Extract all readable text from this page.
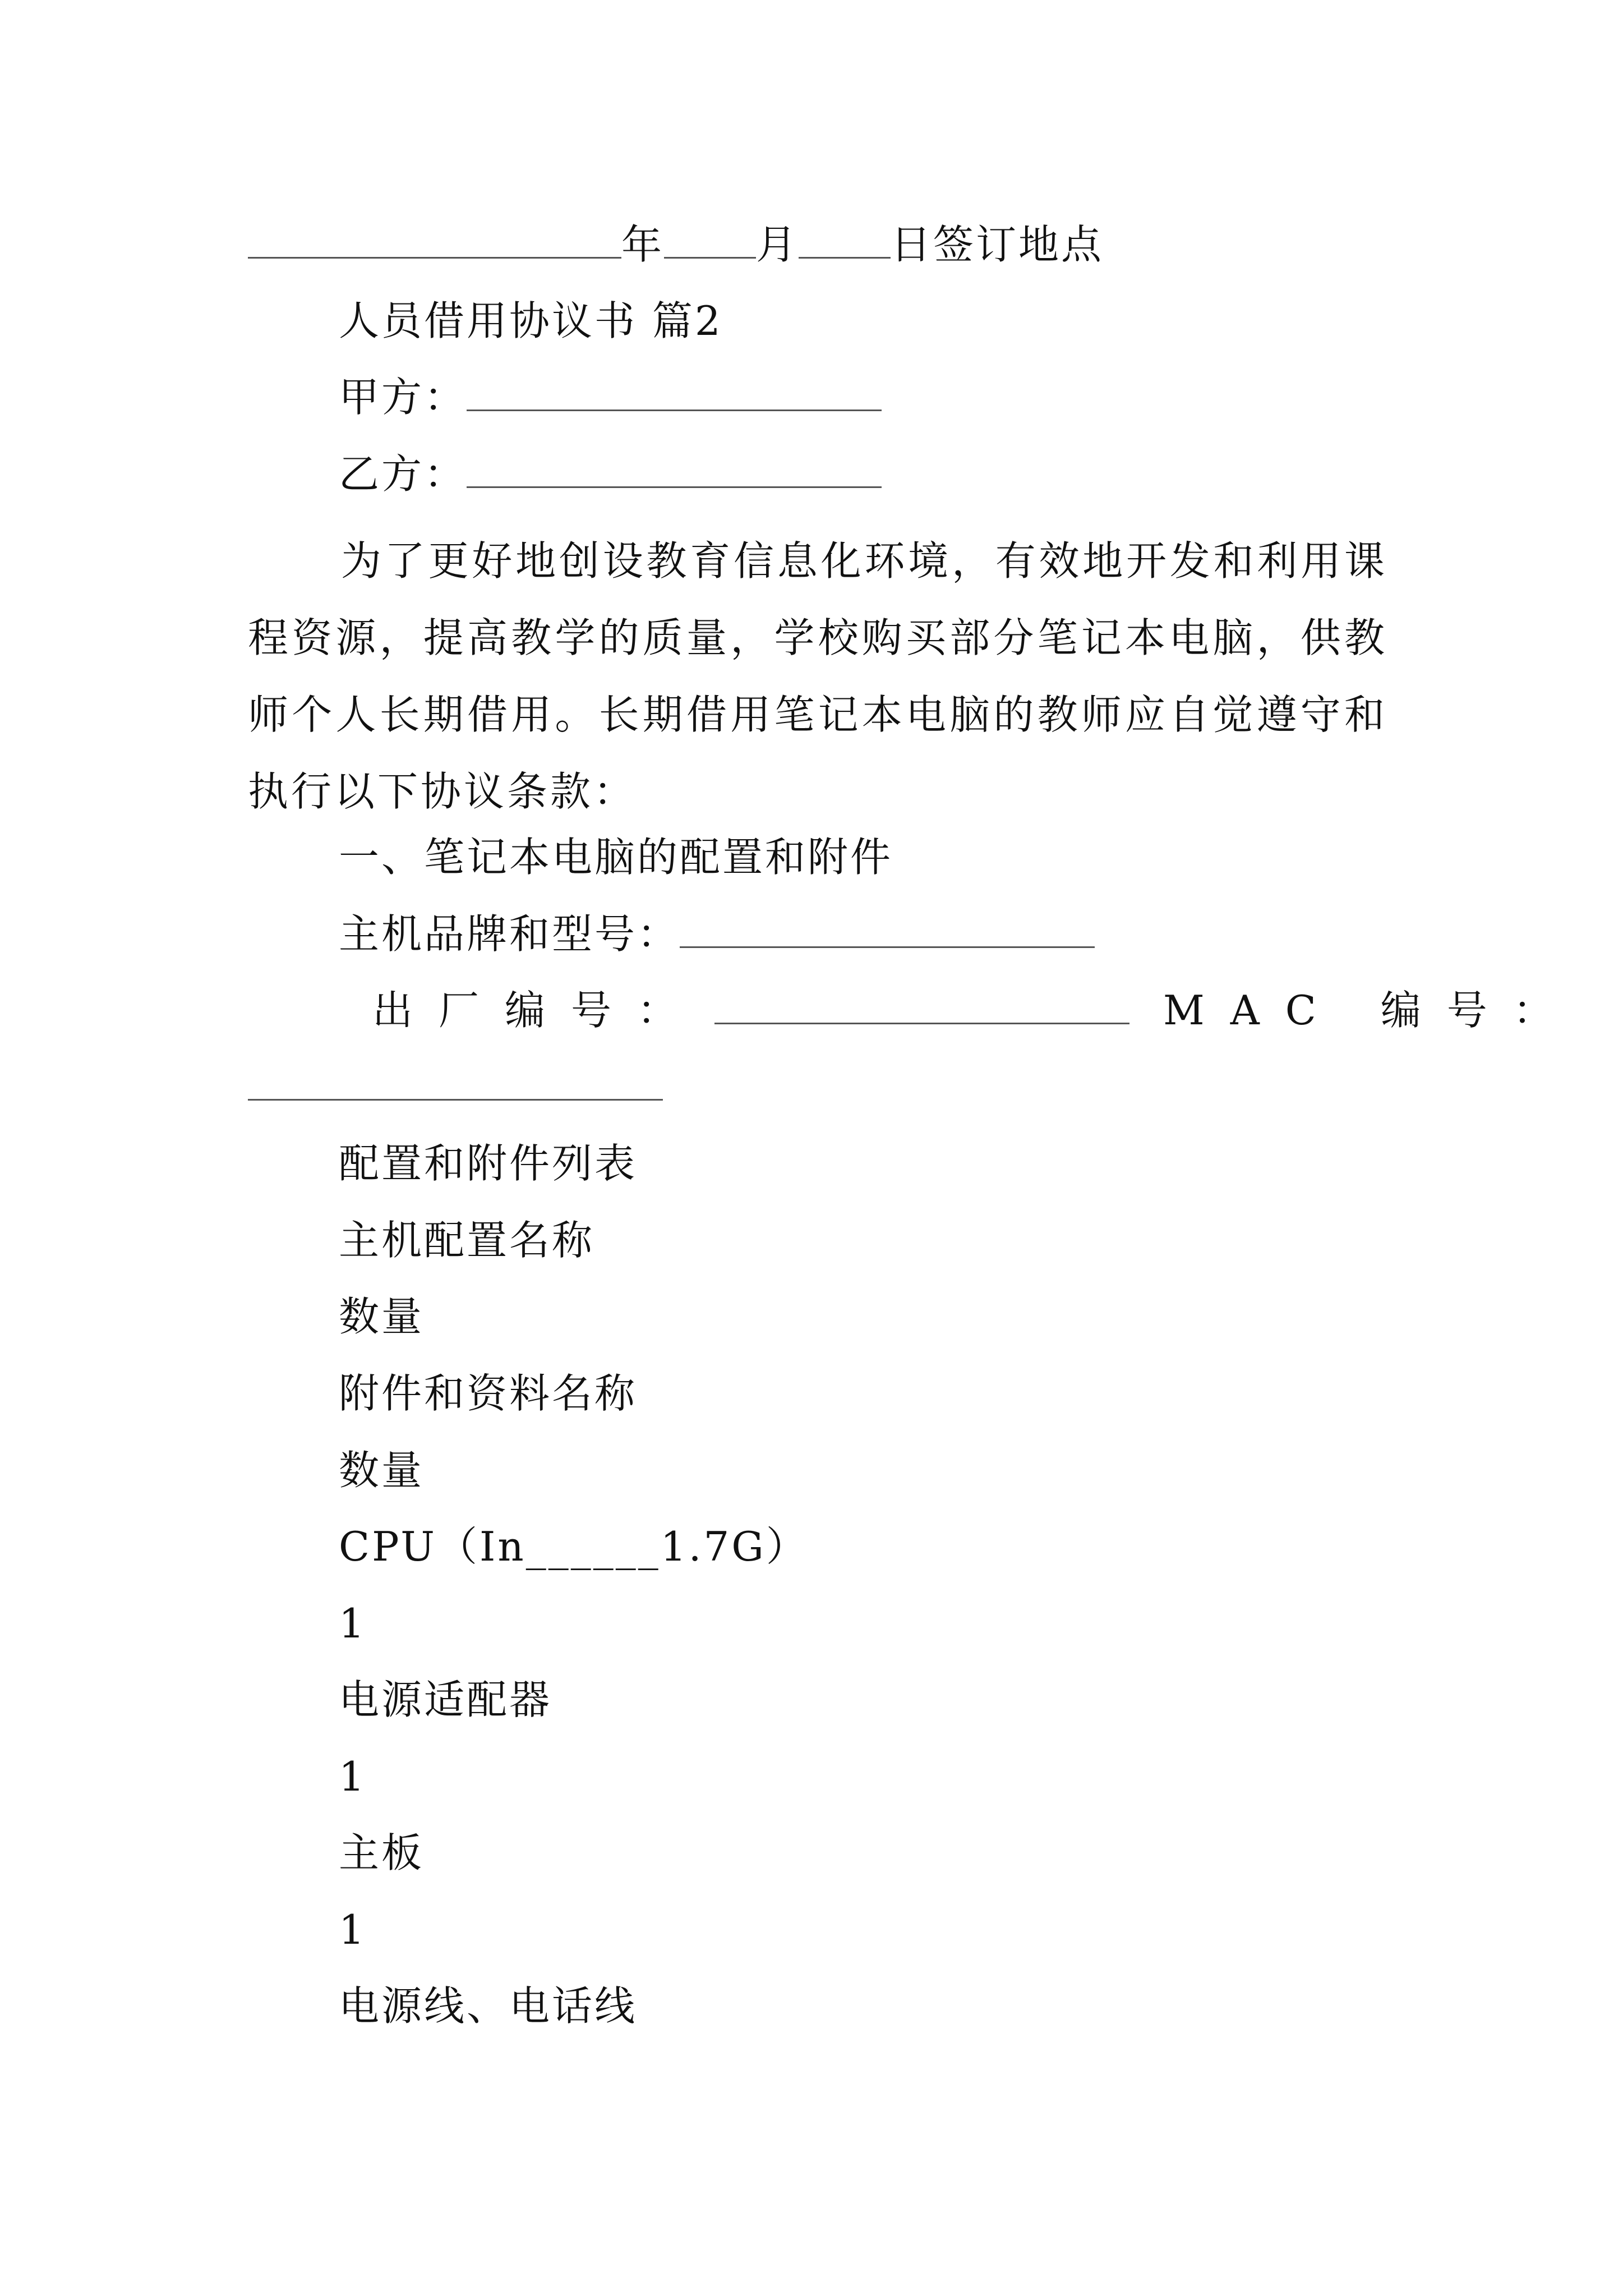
年 月 日签订地点
人员借用协议书 篇2
甲方：
乙方：
为了更好地创设教育信息化环境，有效地开发和利用课程资源，提高教学的质量，学校购买部分笔记本电脑，供教师个人长期借用。长期借用笔记本电脑的教师应自觉遵守和执行以下协议条款：
一、笔记本电脑的配置和附件
主机品牌和型号：
出厂编号：	MAC 编号：
配置和附件列表
主机配置名称
数量
附件和资料名称
数量
CPU（In______1.7G）
1
电源适配器
1
主板
1
电源线、电话线
